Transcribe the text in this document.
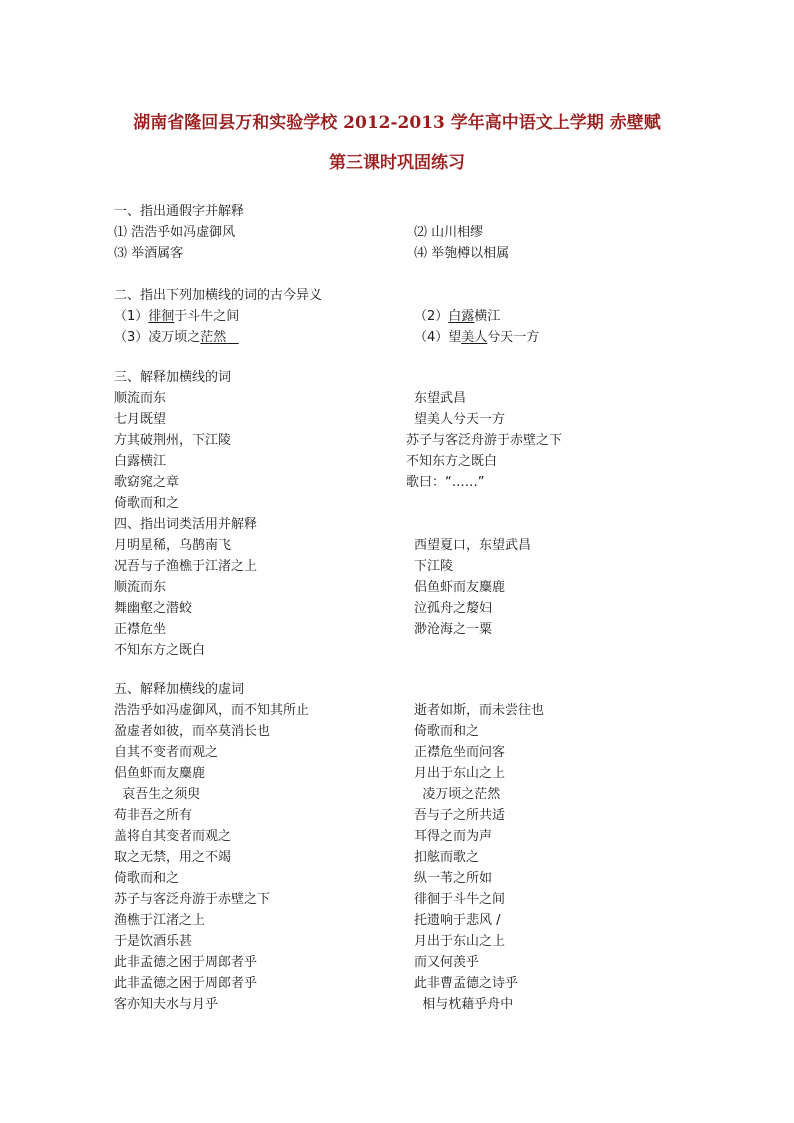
湖南省隆回县万和实验学校 2012-2013 学年高中语文上学期 赤壁赋
第三课时巩固练习
一、指出通假字并解释
⑴ 浩浩乎如冯虚御风	⑵ 山川相缪
⑶ 举酒属客	⑷ 举匏樽以相属
二、指出下列加横线的词的古今异义
（1）徘徊于斗牛之间	（2）白露横江
（3）凌万顷之茫然	（4）望美人兮天一方
三、解释加横线的词
顺流而东	东望武昌
七月既望	望美人兮天一方
方其破荆州，下江陵	苏子与客泛舟游于赤壁之下
白露横江	不知东方之既白
歌窈窕之章	歌曰：“……”
倚歌而和之
四、指出词类活用并解释
月明星稀，乌鹊南飞	西望夏口，东望武昌
况吾与子渔樵于江渚之上	下江陵
顺流而东	侣鱼虾而友麋鹿
舞幽壑之潜蛟	泣孤舟之嫠妇
正襟危坐	渺沧海之一粟
不知东方之既白
五、解释加横线的虚词
浩浩乎如冯虚御风，而不知其所止	逝者如斯，而未尝往也
盈虚者如彼，而卒莫消长也	倚歌而和之
自其不变者而观之	正襟危坐而问客
侣鱼虾而友麋鹿	月出于东山之上
哀吾生之须臾	凌万顷之茫然
苟非吾之所有	吾与子之所共适
盖将自其变者而观之	耳得之而为声
取之无禁，用之不竭	扣舷而歌之
倚歌而和之	纵一苇之所如
苏子与客泛舟游于赤壁之下	徘徊于斗牛之间
渔樵于江渚之上	托遗响于悲风 /
于是饮酒乐甚	月出于东山之上
此非孟德之困于周郎者乎	而又何羡乎
此非孟德之困于周郎者乎	此非曹孟德之诗乎
客亦知夫水与月乎	相与枕藉乎舟中
